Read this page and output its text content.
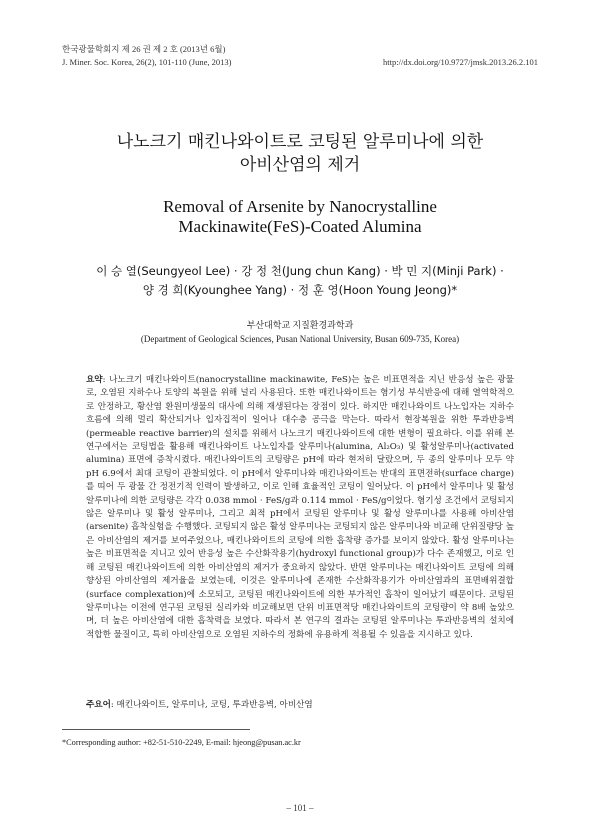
한국광물학회지 제 26 권 제 2 호 (2013년 6월)
J. Miner. Soc. Korea, 26(2), 101-110 (June, 2013)	http://dx.doi.org/10.9727/jmsk.2013.26.2.101
나노크기 매킨나와이트로 코팅된 알루미나에 의한
아비산염의 제거
Removal of Arsenite by Nanocrystalline
Mackinawite(FeS)-Coated Alumina
이 승 열(Seungyeol Lee) · 강 정 천(Jung chun Kang) · 박 민 지(Minji Park) ·
양 경 희(Kyounghee Yang) · 정 훈 영(Hoon Young Jeong)*
부산대학교 지질환경과학과
(Department of Geological Sciences, Pusan National University, Busan 609-735, Korea)
요약: 나노크기 매킨나와이트(nanocrystalline mackinawite, FeS)는 높은 비표면적을 지닌 반응성 높은 광물로, 오염된 지하수나 토양의 복원을 위해 널리 사용된다. 또한 매킨나와이트는 혐기성 부식반응에 대해 열역학적으로 안정하고, 황산염 환원미생물의 대사에 의해 재생된다는 장점이 있다. 하지만 매킨나와이트 나노입자는 지하수 흐름에 의해 멀리 확산되거나 입자집적이 일어나 대수층 공극을 막는다. 따라서 현장복원을 위한 투과반응벽(permeable reactive barrier)의 설치를 위해서 나노크기 매킨나와이트에 대한 변형이 필요하다. 이를 위해 본 연구에서는 코팅법을 활용해 매킨나와이트 나노입자를 알루미나(alumina, Al₂O₃) 및 활성알루미나(activated alumina) 표면에 증착시켰다. 매킨나와이트의 코팅량은 pH에 따라 현저히 달랐으며, 두 종의 알루미나 모두 약 pH 6.9에서 최대 코팅이 관찰되었다. 이 pH에서 알루미나와 매킨나와이트는 반대의 표면전하(surface charge)를 띠어 두 광물 간 정전기적 인력이 발생하고, 이로 인해 효율적인 코팅이 일어났다. 이 pH에서 알루미나 및 활성 알루미나에 의한 코팅량은 각각 0.038 mmol · FeS/g과 0.114 mmol · FeS/g이었다. 혐기성 조건에서 코팅되지 않은 알루미나 및 활성 알루미나, 그리고 최적 pH에서 코팅된 알루미나 및 활성 알루미나를 사용해 아비산염(arsenite) 흡착실험을 수행했다. 코팅되지 않은 활성 알루미나는 코팅되지 않은 알루미나와 비교해 단위질량당 높은 아비산염의 제거를 보여주었으나, 매킨나와이트의 코팅에 의한 흡착량 증가를 보이지 않았다. 활성 알루미나는 높은 비표면적을 지니고 있어 반응성 높은 수산화작용기(hydroxyl functional group)가 다수 존재했고, 이로 인해 코팅된 매킨나와이트에 의한 아비산염의 제거가 중요하지 않았다. 반면 알루미나는 매킨나와이트 코팅에 의해 향상된 아비산염의 제거율을 보였는데, 이것은 알루미나에 존재한 수산화작용기가 아비산염과의 표면배위결합(surface complexation)에 소모되고, 코팅된 매킨나와이트에 의한 부가적인 흡착이 일어났기 때문이다. 코팅된 알루미나는 이전에 연구된 코팅된 실리카와 비교해보면 단위 비표면적당 매킨나와이트의 코팅량이 약 8배 높았으며, 더 높은 아비산염에 대한 흡착력을 보였다. 따라서 본 연구의 결과는 코팅된 알루미나는 투과반응벽의 설치에 적합한 물질이고, 특히 아비산염으로 오염된 지하수의 정화에 유용하게 적용될 수 있음을 지시하고 있다.
주요어: 매킨나와이트, 알루미나, 코팅, 투과반응벽, 아비산염
*Corresponding author: +82-51-510-2249, E-mail: hjeong@pusan.ac.kr
– 101 –
